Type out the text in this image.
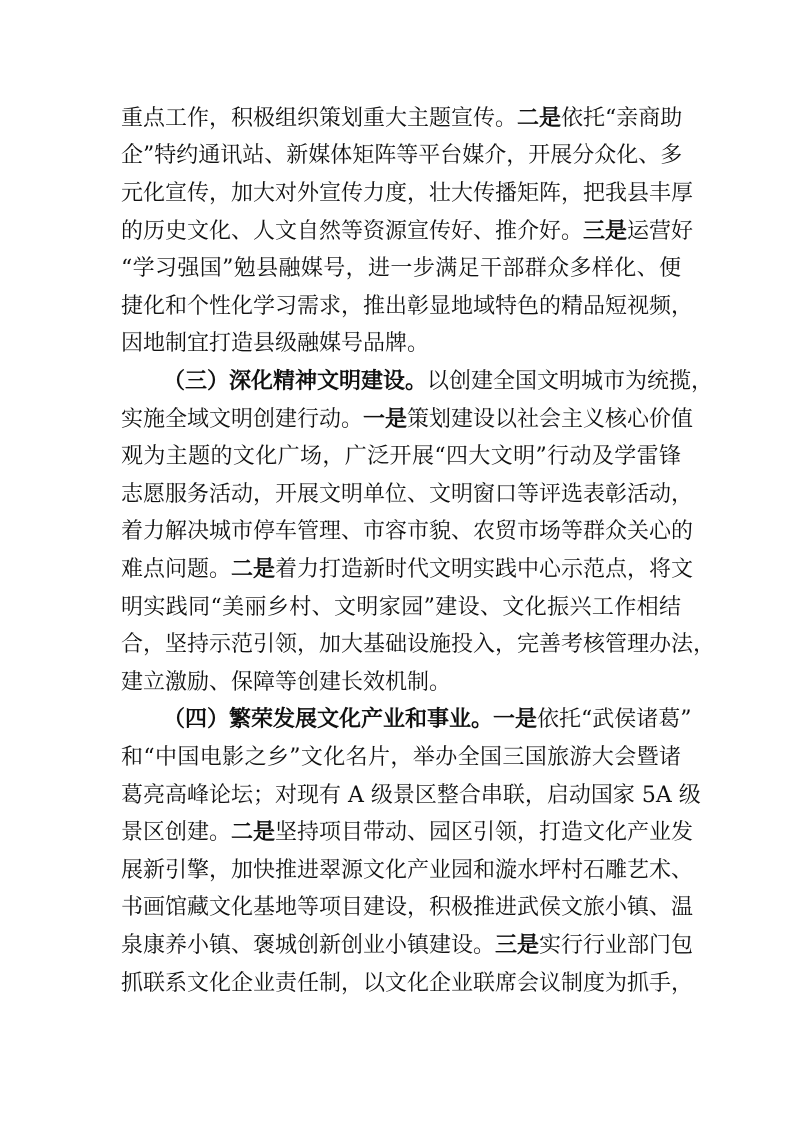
重点工作，积极组织策划重大主题宣传。二是依托“亲商助
企”特约通讯站、新媒体矩阵等平台媒介，开展分众化、多
元化宣传，加大对外宣传力度，壮大传播矩阵，把我县丰厚
的历史文化、人文自然等资源宣传好、推介好。三是运营好
“学习强国”勉县融媒号，进一步满足干部群众多样化、便
捷化和个性化学习需求，推出彰显地域特色的精品短视频，
因地制宜打造县级融媒号品牌。
（三）深化精神文明建设。以创建全国文明城市为统揽，
实施全域文明创建行动。一是策划建设以社会主义核心价值
观为主题的文化广场，广泛开展“四大文明”行动及学雷锋
志愿服务活动，开展文明单位、文明窗口等评选表彰活动，
着力解决城市停车管理、市容市貌、农贸市场等群众关心的
难点问题。二是着力打造新时代文明实践中心示范点，将文
明实践同“美丽乡村、文明家园”建设、文化振兴工作相结
合，坚持示范引领，加大基础设施投入，完善考核管理办法，
建立激励、保障等创建长效机制。
（四）繁荣发展文化产业和事业。一是依托“武侯诸葛”
和“中国电影之乡”文化名片，举办全国三国旅游大会暨诸
葛亮高峰论坛；对现有 A 级景区整合串联，启动国家 5A 级
景区创建。二是坚持项目带动、园区引领，打造文化产业发
展新引擎，加快推进翠源文化产业园和漩水坪村石雕艺术、
书画馆藏文化基地等项目建设，积极推进武侯文旅小镇、温
泉康养小镇、褒城创新创业小镇建设。三是实行行业部门包
抓联系文化企业责任制，以文化企业联席会议制度为抓手，
